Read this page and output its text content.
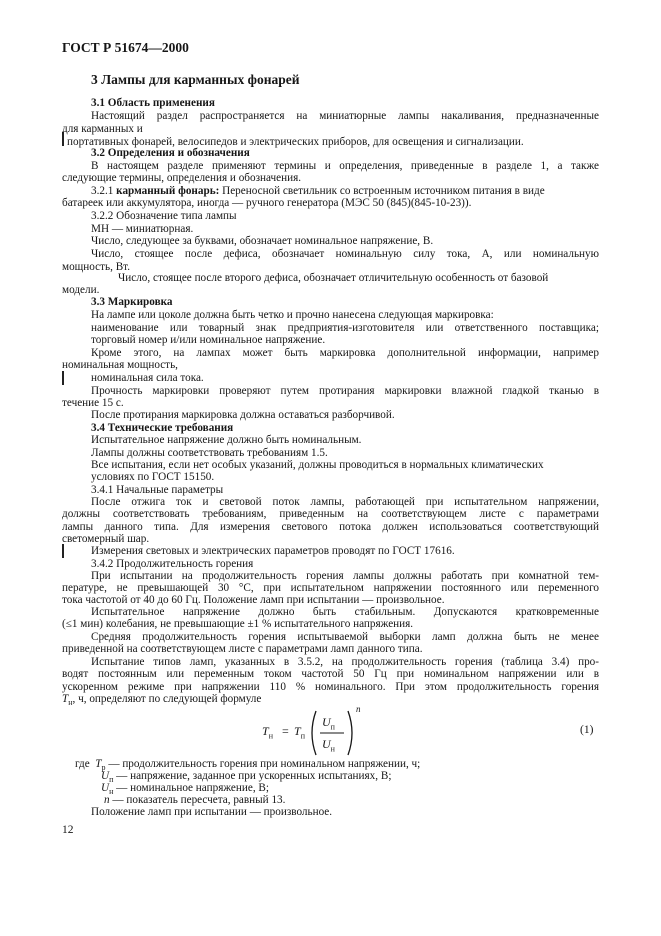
ГОСТ Р 51674—2000
3 Лампы для карманных фонарей
3.1 Область применения
Настоящий раздел распространяется на миниатюрные лампы накаливания, предназначенные
для карманных и
портативных фонарей, велосипедов и электрических приборов, для освещения и сигнализации.
3.2 Определения и обозначения
В настоящем разделе применяют термины и определения, приведенные в разделе 1, а также
следующие термины, определения и обозначения.
3.2.1 карманный фонарь: Переносной светильник со встроенным источником питания в виде
батареек или аккумулятора, иногда — ручного генератора (МЭС 50 (845)(845-10-23)).
3.2.2 Обозначение типа лампы
МН — миниатюрная.
Число, следующее за буквами, обозначает номинальное напряжение, В.
Число, стоящее после дефиса, обозначает номинальную силу тока, А, или номинальную
мощность, Вт.
Число, стоящее после второго дефиса, обозначает отличительную особенность от базовой
модели.
3.3 Маркировка
На лампе или цоколе должна быть четко и прочно нанесена следующая маркировка:
наименование или товарный знак предприятия-изготовителя или ответственного поставщика;
торговый номер и/или номинальное напряжение.
Кроме этого, на лампах может быть маркировка дополнительной информации, например
номинальная мощность,
номинальная сила тока.
Прочность маркировки проверяют путем протирания маркировки влажной гладкой тканью в
течение 15 с.
После протирания маркировка должна оставаться разборчивой.
3.4 Технические требования
Испытательное напряжение должно быть номинальным.
Лампы должны соответствовать требованиям 1.5.
Все испытания, если нет особых указаний, должны проводиться в нормальных климатических
условиях по ГОСТ 15150.
3.4.1 Начальные параметры
После отжига ток и световой поток лампы, работающей при испытательном напряжении,
должны соответствовать требованиям, приведенным на соответствующем листе с параметрами
лампы данного типа. Для измерения светового потока должен использоваться соответствующий
светомерный шар.
Измерения световых и электрических параметров проводят по ГОСТ 17616.
3.4.2 Продолжительность горения
При испытании на продолжительность горения лампы должны работать при комнатной тем-
пературе, не превышающей 30 °С, при испытательном напряжении постоянного или переменного
тока частотой от 40 до 60 Гц. Положение ламп при испытании — произвольное.
Испытательное напряжение должно быть стабильным. Допускаются кратковременные
(≤1 мин) колебания, не превышающие ±1 % испытательного напряжения.
Средняя продолжительность горения испытываемой выборки ламп должна быть не менее
приведенной на соответствующем листе с параметрами ламп данного типа.
Испытание типов ламп, указанных в 3.5.2, на продолжительность горения (таблица 3.4) про-
водят постоянным или переменным током частотой 50 Гц при номинальном напряжении или в
ускоренном режиме при напряжении 110 % номинального. При этом продолжительность горения
$T_н$, ч, определяют по следующей формуле
$T_н = T_п$
$U_п$
$U_н$
n
(1)
где  $T_р$ — продолжительность горения при номинальном напряжении, ч;
$U_п$ — напряжение, заданное при ускоренных испытаниях, В;
$U_н$ — номинальное напряжение, В;
n — показатель пересчета, равный 13.
Положение ламп при испытании — произвольное.
12
